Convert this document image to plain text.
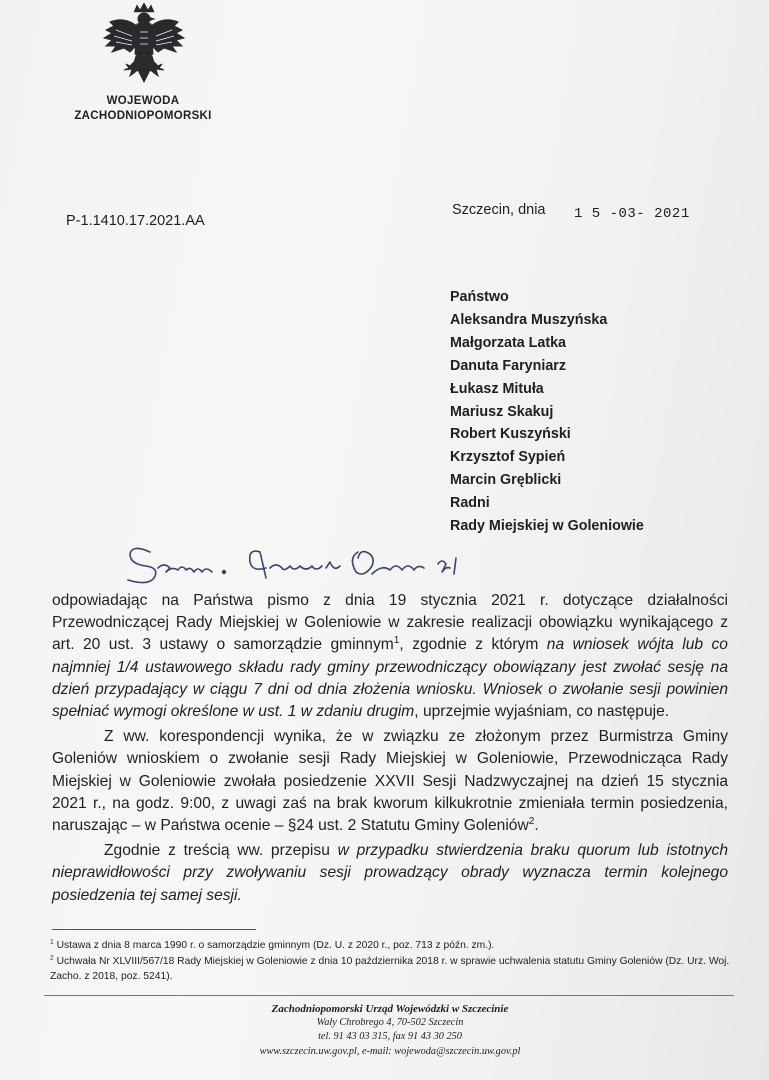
WOJEWODA
ZACHODNIOPOMORSKI
P-1.1410.17.2021.AA
Szczecin, dnia 1 5 -03- 2021
Państwo
Aleksandra Muszyńska
Małgorzata Latka
Danuta Faryniarz
Łukasz Mituła
Mariusz Skakuj
Robert Kuszyński
Krzysztof Sypień
Marcin Gręblicki
Radni
Rady Miejskiej w Goleniowie

odpowiadając na Państwa pismo z dnia 19 stycznia 2021 r. dotyczące działalności Przewodniczącej Rady Miejskiej w Goleniowie w zakresie realizacji obowiązku wynikającego z art. 20 ust. 3 ustawy o samorządzie gminnym$^1$, zgodnie z którym na wniosek wójta lub co najmniej 1/4 ustawowego składu rady gminy przewodniczący obowiązany jest zwołać sesję na dzień przypadający w ciągu 7 dni od dnia złożenia wniosku. Wniosek o zwołanie sesji powinien spełniać wymogi określone w ust. 1 w zdaniu drugim, uprzejmie wyjaśniam, co następuje.

Z ww. korespondencji wynika, że w związku ze złożonym przez Burmistrza Gminy Goleniów wnioskiem o zwołanie sesji Rady Miejskiej w Goleniowie, Przewodnicząca Rady Miejskiej w Goleniowie zwołała posiedzenie XXVII Sesji Nadzwyczajnej na dzień 15 stycznia 2021 r., na godz. 9:00, z uwagi zaś na brak kworum kilkukrotnie zmieniała termin posiedzenia, naruszając – w Państwa ocenie – §24 ust. 2 Statutu Gminy Goleniów$^2$.

Zgodnie z treścią ww. przepisu w przypadku stwierdzenia braku quorum lub istotnych nieprawidłowości przy zwoływaniu sesji prowadzący obrady wyznacza termin kolejnego posiedzenia tej samej sesji.

$^1$ Ustawa z dnia 8 marca 1990 r. o samorządzie gminnym (Dz. U. z 2020 r., poz. 713 z późn. zm.).
$^2$ Uchwała Nr XLVIII/567/18 Rady Miejskiej w Goleniowie z dnia 10 października 2018 r. w sprawie uchwalenia statutu Gminy Goleniów (Dz. Urz. Woj. Zacho. z 2018, poz. 5241).
Zachodniopomorski Urząd Wojewódzki w Szczecinie
Wały Chrobrego 4, 70-502 Szczecin
tel. 91 43 03 315, fax 91 43 30 250
www.szczecin.uw.gov.pl, e-mail: wojewoda@szczecin.uw.gov.pl
